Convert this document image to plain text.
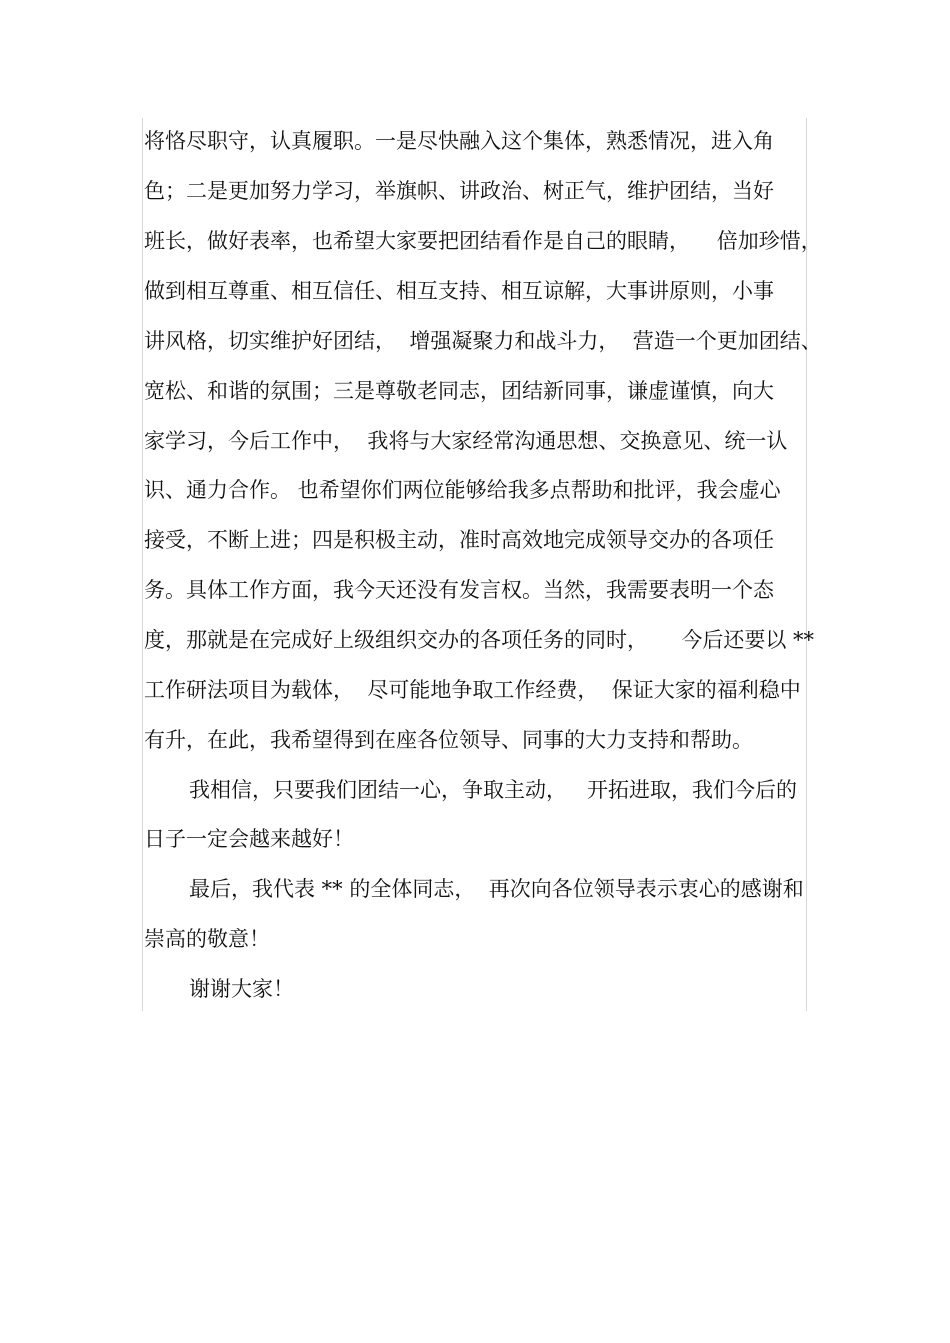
将恪尽职守，认真履职。一是尽快融入这个集体，熟悉情况，进入角
色；二是更加努力学习，举旗帜、讲政治、树正气，维护团结，当好
班长，做好表率，也希望大家要把团结看作是自己的眼睛，    倍加珍惜，
做到相互尊重、相互信任、相互支持、相互谅解，大事讲原则，小事
讲风格，切实维护好团结，  增强凝聚力和战斗力，  营造一个更加团结、
宽松、和谐的氛围；三是尊敬老同志，团结新同事，谦虚谨慎，向大
家学习，今后工作中，  我将与大家经常沟通思想、交换意见、统一认
识、通力合作。 也希望你们两位能够给我多点帮助和批评，我会虚心
接受，不断上进；四是积极主动，准时高效地完成领导交办的各项任
务。具体工作方面，我今天还没有发言权。当然，我需要表明一个态
度，那就是在完成好上级组织交办的各项任务的同时，     今后还要以 **
工作研法项目为载体，  尽可能地争取工作经费，  保证大家的福利稳中
有升，在此，我希望得到在座各位领导、同事的大力支持和帮助。
我相信，只要我们团结一心，争取主动，   开拓进取，我们今后的
日子一定会越来越好！
最后，我代表 ** 的全体同志，  再次向各位领导表示衷心的感谢和
崇高的敬意！
谢谢大家！
